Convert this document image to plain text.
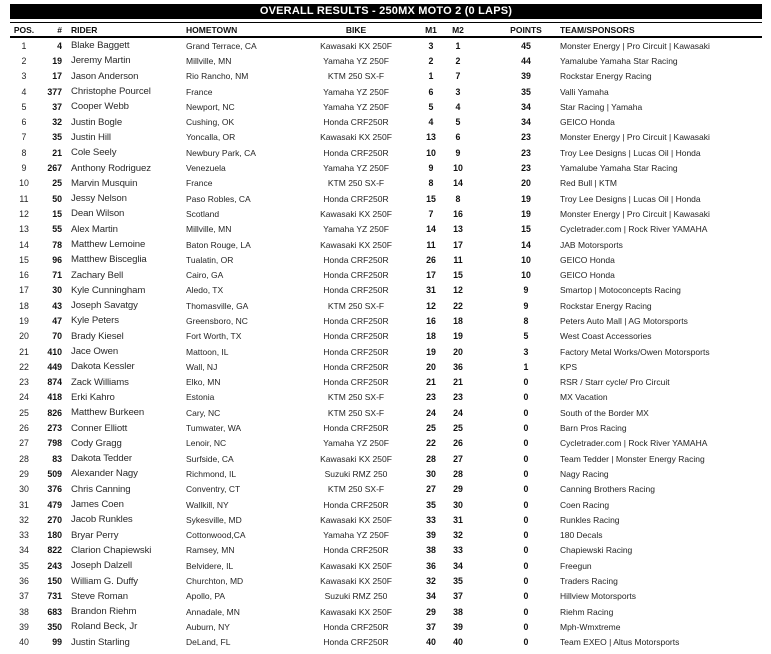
OVERALL RESULTS - 250MX MOTO 2 (0 LAPS)
POS.	#	RIDER	HOMETOWN	BIKE	M1	M2		POINTS	TEAM/SPONSORS
1	4	Blake Baggett	Grand Terrace, CA	Kawasaki KX 250F	3	1		45	Monster Energy | Pro Circuit | Kawasaki
2	19	Jeremy Martin	Millville, MN	Yamaha YZ 250F	2	2		44	Yamalube Yamaha Star Racing
3	17	Jason Anderson	Rio Rancho, NM	KTM 250 SX-F	1	7		39	Rockstar Energy Racing
4	377	Christophe Pourcel	France	Yamaha YZ 250F	6	3		35	Valli Yamaha
5	37	Cooper Webb	Newport, NC	Yamaha YZ 250F	5	4		34	Star Racing | Yamaha
6	32	Justin Bogle	Cushing, OK	Honda CRF250R	4	5		34	GEICO Honda
7	35	Justin Hill	Yoncalla, OR	Kawasaki KX 250F	13	6		23	Monster Energy | Pro Circuit | Kawasaki
8	21	Cole Seely	Newbury Park, CA	Honda CRF250R	10	9		23	Troy Lee Designs | Lucas Oil | Honda
9	267	Anthony Rodriguez	Venezuela	Yamaha YZ 250F	9	10		23	Yamalube Yamaha Star Racing
10	25	Marvin Musquin	France	KTM 250 SX-F	8	14		20	Red Bull | KTM
11	50	Jessy Nelson	Paso Robles, CA	Honda CRF250R	15	8		19	Troy Lee Designs | Lucas Oil | Honda
12	15	Dean Wilson	Scotland	Kawasaki KX 250F	7	16		19	Monster Energy | Pro Circuit | Kawasaki
13	55	Alex Martin	Millville, MN	Yamaha YZ 250F	14	13		15	Cycletrader.com | Rock River YAMAHA
14	78	Matthew Lemoine	Baton Rouge, LA	Kawasaki KX 250F	11	17		14	JAB Motorsports
15	96	Matthew Bisceglia	Tualatin, OR	Honda CRF250R	26	11		10	GEICO Honda
16	71	Zachary Bell	Cairo, GA	Honda CRF250R	17	15		10	GEICO Honda
17	30	Kyle Cunningham	Aledo, TX	Honda CRF250R	31	12		9	Smartop | Motoconcepts Racing
18	43	Joseph Savatgy	Thomasville, GA	KTM 250 SX-F	12	22		9	Rockstar Energy Racing
19	47	Kyle Peters	Greensboro, NC	Honda CRF250R	16	18		8	Peters Auto Mall | AG Motorsports
20	70	Brady Kiesel	Fort Worth, TX	Honda CRF250R	18	19		5	West Coast Accessories
21	410	Jace Owen	Mattoon, IL	Honda CRF250R	19	20		3	Factory Metal Works/Owen Motorsports
22	449	Dakota Kessler	Wall, NJ	Honda CRF250R	20	36		1	KPS
23	874	Zack Williams	Elko, MN	Honda CRF250R	21	21		0	RSR / Starr cycle/ Pro Circuit
24	418	Erki Kahro	Estonia	KTM 250 SX-F	23	23		0	MX Vacation
25	826	Matthew Burkeen	Cary, NC	KTM 250 SX-F	24	24		0	South of the Border MX
26	273	Conner Elliott	Tumwater, WA	Honda CRF250R	25	25		0	Barn Pros Racing
27	798	Cody Gragg	Lenoir, NC	Yamaha YZ 250F	22	26		0	Cycletrader.com | Rock River YAMAHA
28	83	Dakota Tedder	Surfside, CA	Kawasaki KX 250F	28	27		0	Team Tedder | Monster Energy Racing
29	509	Alexander Nagy	Richmond, IL	Suzuki RMZ 250	30	28		0	Nagy Racing
30	376	Chris Canning	Conventry, CT	KTM 250 SX-F	27	29		0	Canning Brothers Racing
31	479	James Coen	Wallkill, NY	Honda CRF250R	35	30		0	Coen Racing
32	270	Jacob Runkles	Sykesville, MD	Kawasaki KX 250F	33	31		0	Runkles Racing
33	180	Bryar Perry	Cottonwood,CA	Yamaha YZ 250F	39	32		0	180 Decals
34	822	Clarion Chapiewski	Ramsey, MN	Honda CRF250R	38	33		0	Chapiewski Racing
35	243	Joseph Dalzell	Belvidere, IL	Kawasaki KX 250F	36	34		0	Freegun
36	150	William G. Duffy	Churchton, MD	Kawasaki KX 250F	32	35		0	Traders Racing
37	731	Steve Roman	Apollo, PA	Suzuki RMZ 250	34	37		0	Hillview Motorsports
38	683	Brandon Riehm	Annadale, MN	Kawasaki KX 250F	29	38		0	Riehm Racing
39	350	Roland Beck, Jr	Auburn, NY	Honda CRF250R	37	39		0	Mph-Wmxtreme
40	99	Justin Starling	DeLand, FL	Honda CRF250R	40	40		0	Team EXEO | Altus Motorsports
